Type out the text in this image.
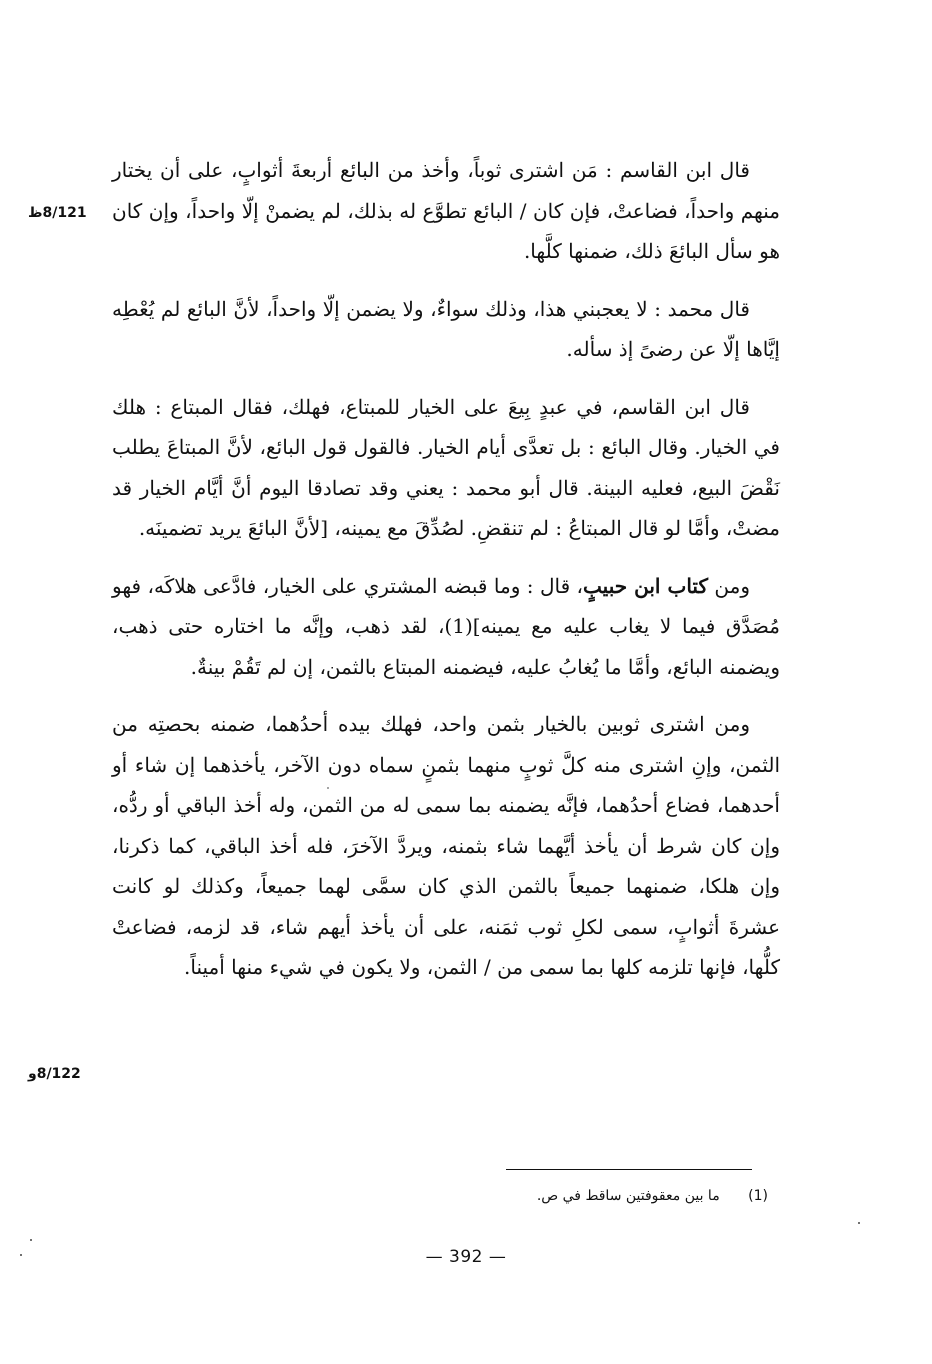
قال ابن القاسم : مَن اشترى ثوباً، وأخذ من البائع أربعةَ أثوابٍ، على أن يختار منهم واحداً، فضاعتْ، فإن كان / البائع تطوَّع له بذلك، لم يضمنْ إلّا واحداً، وإن كان هو سأل البائعَ ذلك، ضمنها كلَّها.

قال محمد : لا يعجبني هذا، وذلك سواءٌ، ولا يضمن إلّا واحداً، لأنَّ البائع لم يُعْطِه إيَّاها إلّا عن رضىً إذ سأله.

قال ابن القاسم، في عبدٍ بِيعَ على الخيار للمبتاع، فهلك، فقال المبتاع : هلك في الخيار. وقال البائع : بل تعدَّى أيام الخيار. فالقول قول البائع، لأنَّ المبتاعَ يطلب نَقْضَ البيع، فعليه البينة. قال أبو محمد : يعني وقد تصادقا اليوم أنَّ أيَّام الخيار قد مضتْ، وأمَّا لو قال المبتاعُ : لم تنقضِ. لصُدِّقَ مع يمينه، [لأنَّ البائعَ يريد تضمينَه.

ومن كتاب ابن حبيبٍ، قال : وما قبضه المشتري على الخيار، فادَّعى هلاكَه، فهو مُصَدَّق فيما لا يغاب عليه مع يمينه](1)، لقد ذهب، وإنَّه ما اختاره حتى ذهب، ويضمنه البائع، وأمَّا ما يُغابُ عليه، فيضمنه المبتاع بالثمن، إن لم تَقُمْ بينةٌ.

ومن اشترى ثوبين بالخيار بثمن واحد، فهلك بيده أحدُهما، ضمنه بحصتِه من الثمن، وإنِ اشترى منه كلَّ ثوبٍ منهما بثمنٍ سماه دون الآخر، يأخذهما إن شاء أو أحدهما، فضاع أحدُهما، فإنَّه يضمنه بما سمى له من الثمن، وله أخذ الباقي أو ردُّه، وإن كان شرط أن يأخذ أيَّهما شاء بثمنه، ويردَّ الآخرَ، فله أخذ الباقي، كما ذكرنا، وإن هلكا، ضمنهما جميعاً بالثمن الذي كان سمَّى لهما جميعاً، وكذلك لو كانت عشرةَ أثوابٍ، سمى لكلِ ثوب ثمَنه، على أن يأخذ أيهم شاء، قد لزمه، فضاعتْ كلُّها، فإنها تلزمه كلها بما سمى من / الثمن، ولا يكون في شيء منها أميناً.

8/121ظ
8/122و
(1) ما بين معقوفتين ساقط في ص.
— 392 —
